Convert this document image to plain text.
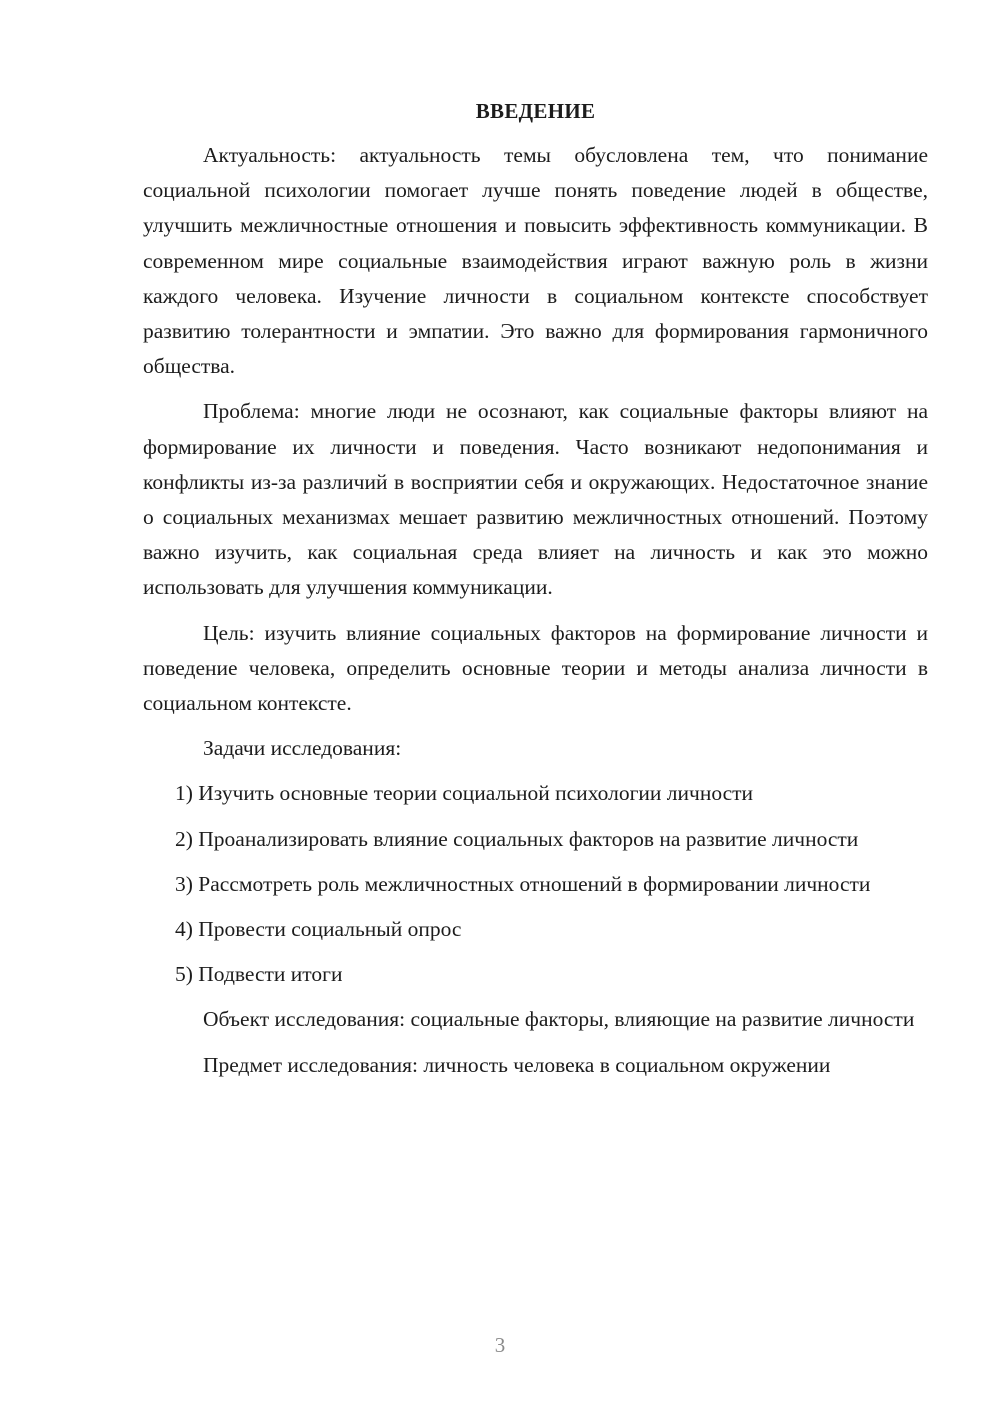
ВВЕДЕНИЕ

Актуальность: актуальность темы обусловлена тем, что понимание социальной психологии помогает лучше понять поведение людей в обществе, улучшить межличностные отношения и повысить эффективность коммуникации. В современном мире социальные взаимодействия играют важную роль в жизни каждого человека. Изучение личности в социальном контексте способствует развитию толерантности и эмпатии. Это важно для формирования гармоничного общества.

Проблема: многие люди не осознают, как социальные факторы влияют на формирование их личности и поведения. Часто возникают недопонимания и конфликты из-за различий в восприятии себя и окружающих. Недостаточное знание о социальных механизмах мешает развитию межличностных отношений. Поэтому важно изучить, как социальная среда влияет на личность и как это можно использовать для улучшения коммуникации.

Цель: изучить влияние социальных факторов на формирование личности и поведение человека, определить основные теории и методы анализа личности в социальном контексте.

Задачи исследования:

1) Изучить основные теории социальной психологии личности

2) Проанализировать влияние социальных факторов на развитие личности

3) Рассмотреть роль межличностных отношений в формировании личности

4) Провести социальный опрос

5) Подвести итоги

Объект исследования: социальные факторы, влияющие на развитие личности

Предмет исследования: личность человека в социальном окружении

3
